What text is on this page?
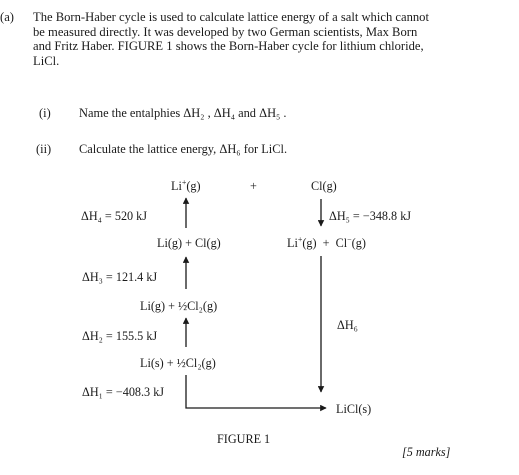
(a) The Born-Haber cycle is used to calculate lattice energy of a salt which cannot
be measured directly. It was developed by two German scientists, Max Born
and Fritz Haber. FIGURE 1 shows the Born-Haber cycle for lithium chloride,
LiCl.
(i) Name the entalphies ΔH₂ , ΔH₄ and ΔH₅ .
(ii) Calculate the lattice energy, ΔH₆ for LiCl.
Li+(g)	+	Cl(g)
ΔH₄ = 520 kJ	ΔH₅ = −348.8 kJ
Li(g) + Cl(g)	Li+(g)  +  Cl−(g)
ΔH₃ = 121.4 kJ
Li(g) + ½Cl₂(g)
ΔH₆
ΔH₂ = 155.5 kJ
Li(s) + ½Cl₂(g)
ΔH₁ = −408.3 kJ
LiCl(s)
FIGURE 1
[5 marks]
